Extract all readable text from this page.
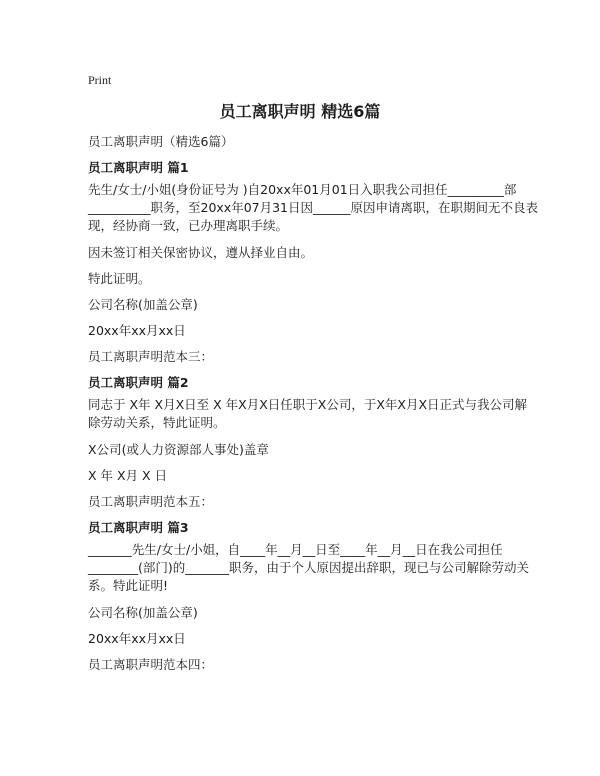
Print
员工离职声明 精选6篇
员工离职声明（精选6篇）
员工离职声明 篇1
先生/女士/小姐(身份证号为 )自20xx年01月01日入职我公司担任_________部
__________职务，至20xx年07月31日因______原因申请离职，在职期间无不良表
现，经协商一致，已办理离职手续。
因未签订相关保密协议，遵从择业自由。
特此证明。
公司名称(加盖公章)
20xx年xx月xx日
员工离职声明范本三：
员工离职声明 篇2
同志于 X年 X月X日至 X 年X月X日任职于X公司，于X年X月X日正式与我公司解
除劳动关系，特此证明。
X公司(或人力资源部人事处)盖章
X 年 X月 X 日
员工离职声明范本五：
员工离职声明 篇3
_______先生/女士/小姐，自____年__月__日至____年__月__日在我公司担任
________(部门)的_______职务，由于个人原因提出辞职，现已与公司解除劳动关
系。特此证明!
公司名称(加盖公章)
20xx年xx月xx日
员工离职声明范本四：
